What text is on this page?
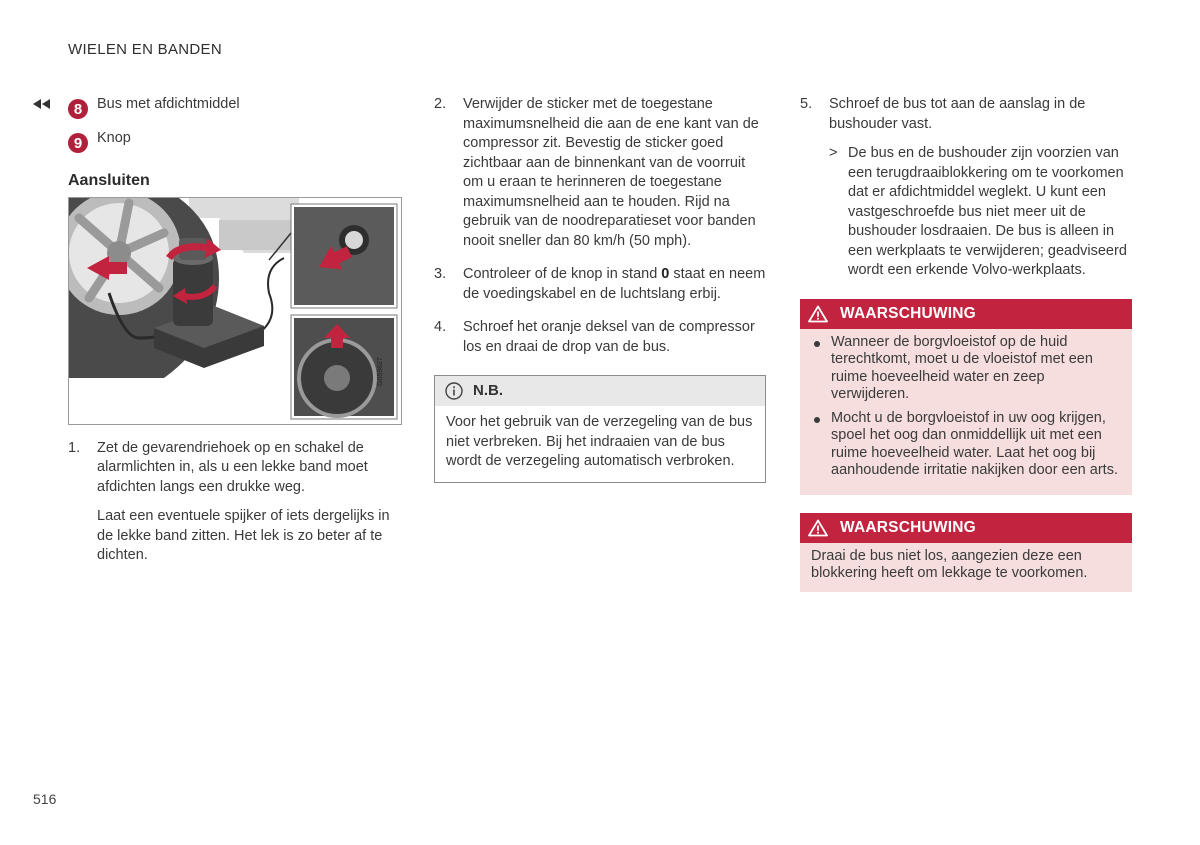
WIELEN EN BANDEN
8	Bus met afdichtmiddel
9	Knop
Aansluiten
G059827
1. Zet de gevarendriehoek op en schakel de alarmlichten in, als u een lekke band moet afdichten langs een drukke weg.

Laat een eventuele spijker of iets dergelijks in de lekke band zitten. Het lek is zo beter af te dichten.

2. Verwijder de sticker met de toegestane maximumsnelheid die aan de ene kant van de compressor zit. Bevestig de sticker goed zichtbaar aan de binnenkant van de voorruit om u eraan te herinneren de toegestane maximumsnelheid aan te houden. Rijd na gebruik van de noodreparatieset voor banden nooit sneller dan 80 km/h (50 mph).

3. Controleer of de knop in stand 0 staat en neem de voedingskabel en de luchtslang erbij.

4. Schroef het oranje deksel van de compressor los en draai de drop van de bus.

N.B.
Voor het gebruik van de verzegeling van de bus niet verbreken. Bij het indraaien van de bus wordt de verzegeling automatisch verbroken.
5. Schroef de bus tot aan de aanslag in de bushouder vast.

> De bus en de bushouder zijn voorzien van een terugdraaiblokkering om te voorkomen dat er afdichtmiddel weglekt. U kunt een vastgeschroefde bus niet meer uit de bushouder losdraaien. De bus is alleen in een werkplaats te verwijderen; geadviseerd wordt een erkende Volvo-werkplaats.

WAARSCHUWING
Wanneer de borgvloeistof op de huid terechtkomt, moet u de vloeistof met een ruime hoeveelheid water en zeep verwijderen.
Mocht u de borgvloeistof in uw oog krijgen, spoel het oog dan onmiddellijk uit met een ruime hoeveelheid water. Laat het oog bij aanhoudende irritatie nakijken door een arts.
WAARSCHUWING

Draai de bus niet los, aangezien deze een blokkering heeft om lekkage te voorkomen.

516
